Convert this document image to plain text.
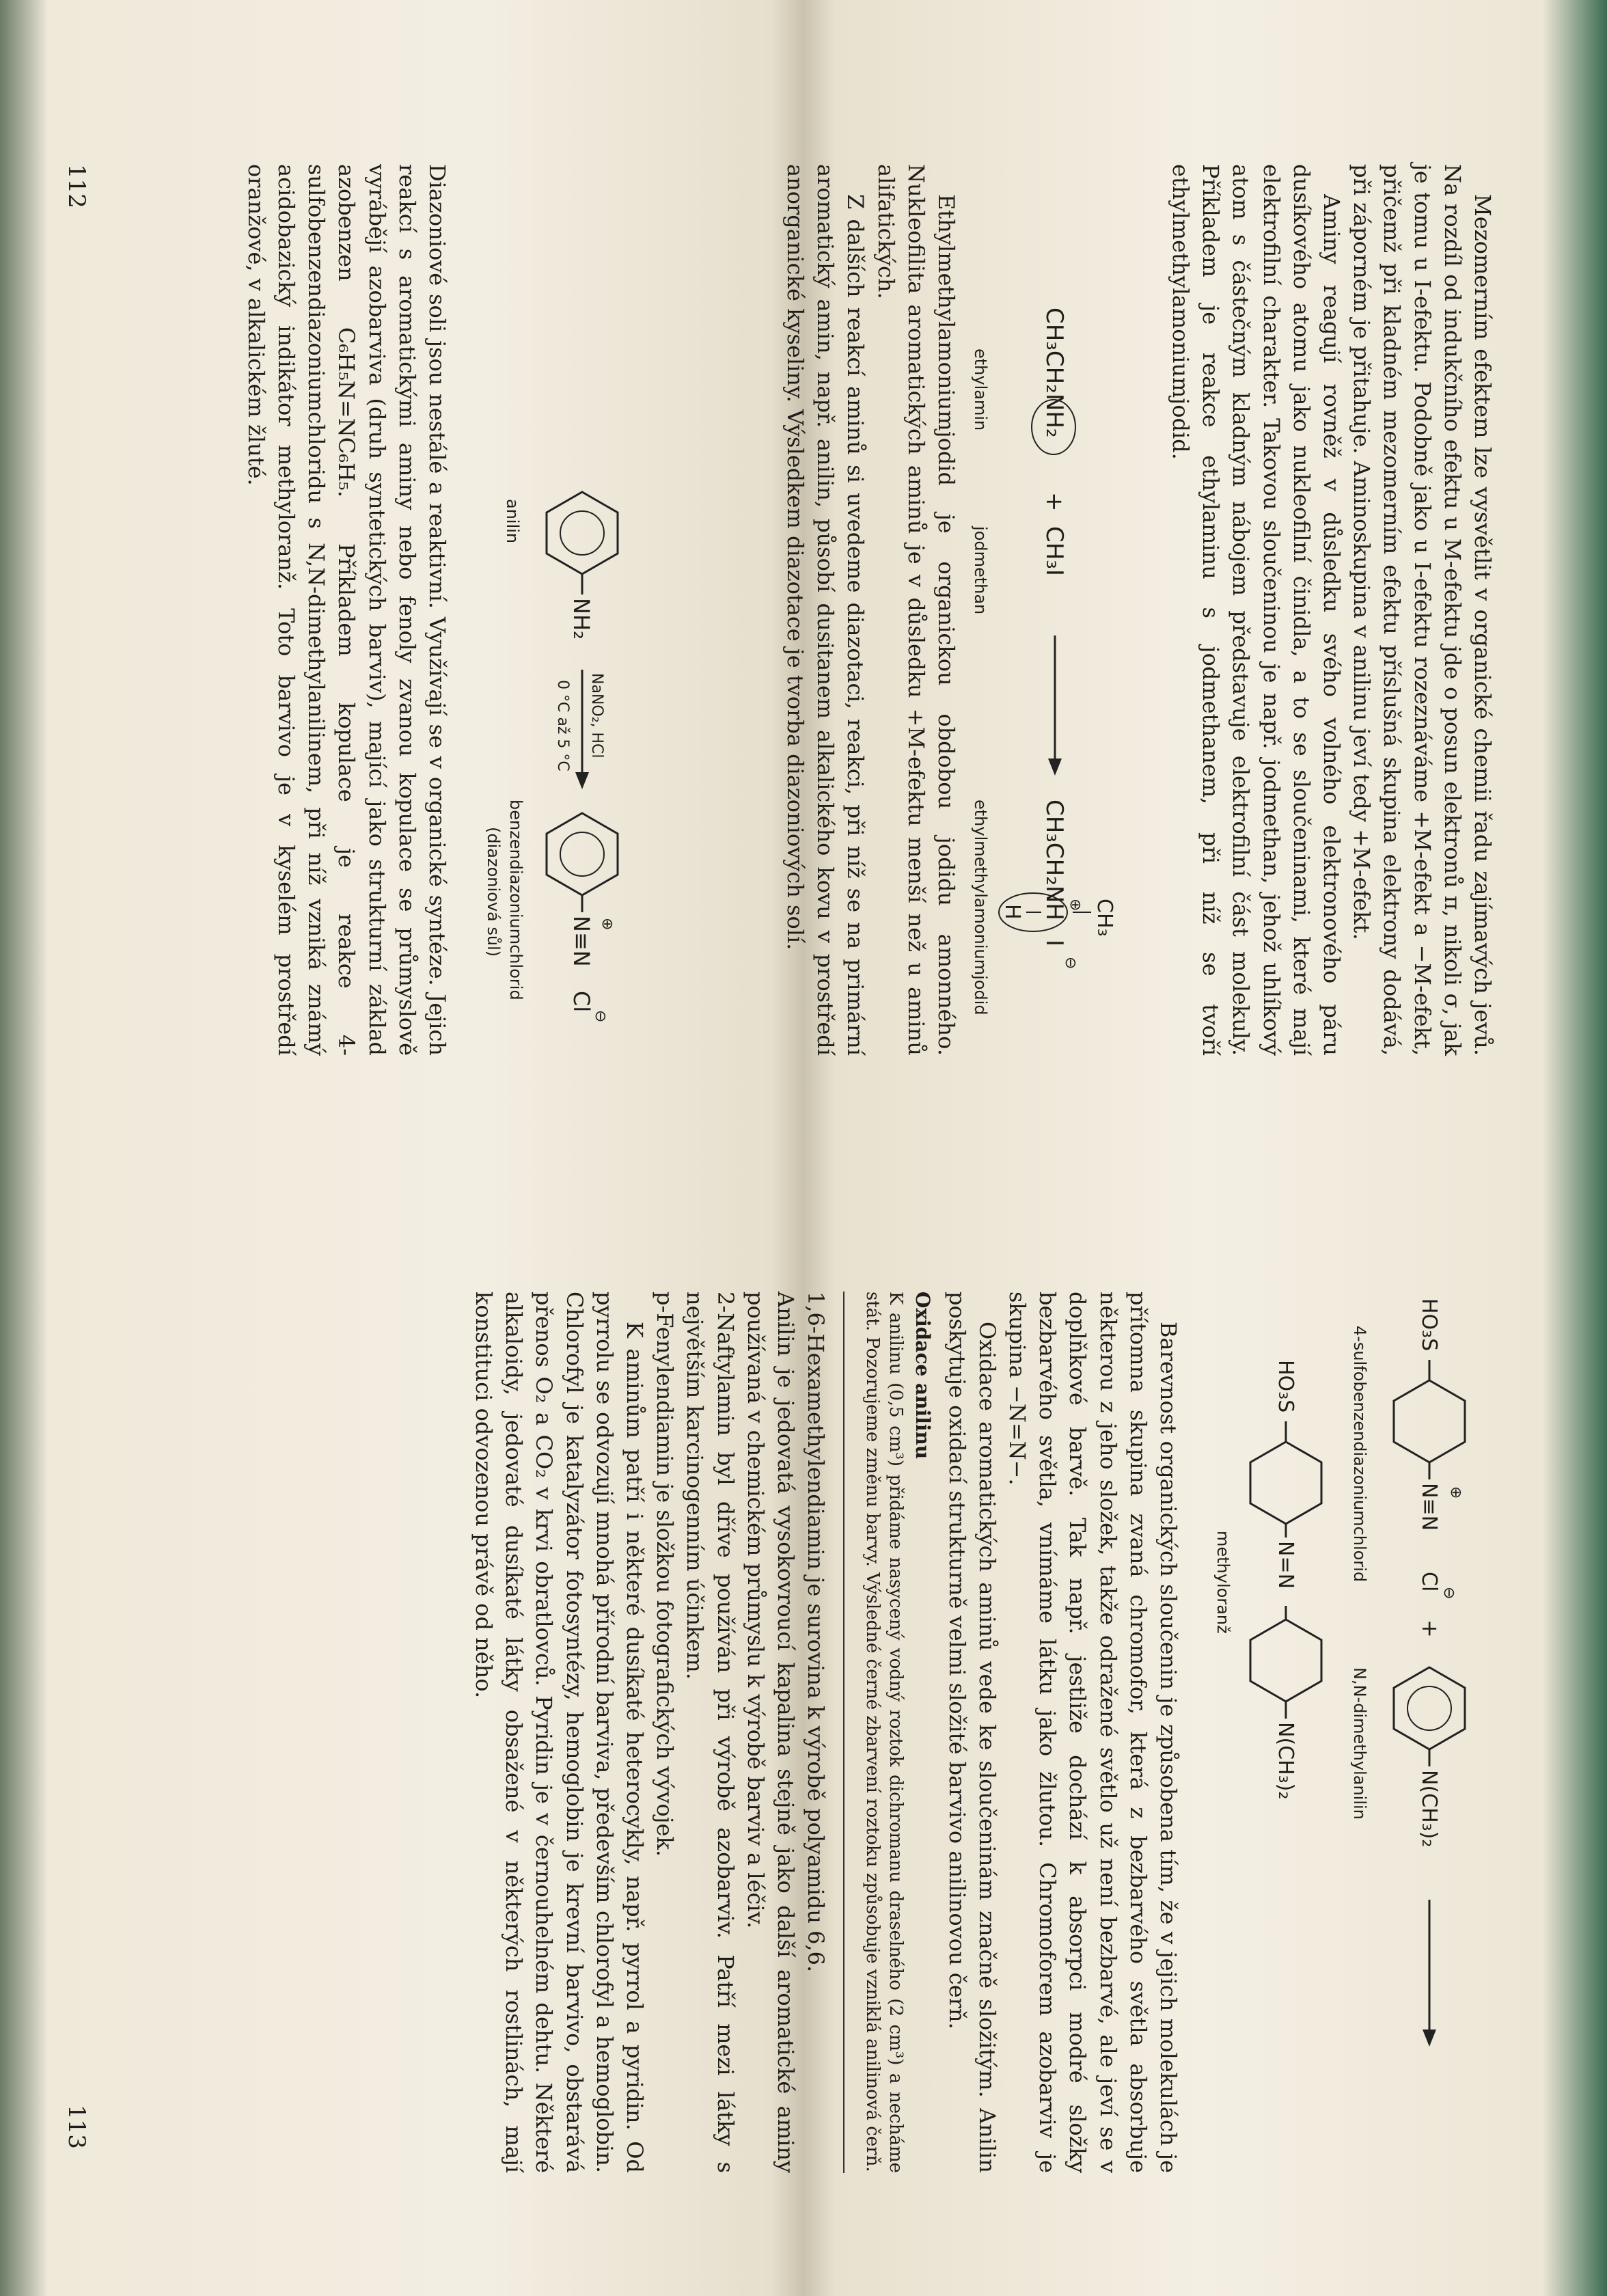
Mezomerním efektem lze vysvětlit v organické chemii řadu zajímavých jevů. Na rozdíl od indukčního efektu u M-efektu jde o posun elektronů π, nikoli σ, jak je tomu u I-efektu. Podobně jako u I-efektu rozeznáváme +M-efekt a −M-efekt, přičemž při kladném mezomerním efektu příslušná skupina elektrony dodává, při záporném je přitahuje. Aminoskupina v anilinu jeví tedy +M-efekt.

Aminy reagují rovněž v důsledku svého volného elektronového páru dusíkového atomu jako nukleofilní činidla, a to se sloučeninami, které mají elektrofilní charakter. Takovou sloučeninou je např. jodmethan, jehož uhlíkový atom s částečným kladným nábojem představuje elektrofilní část molekuly. Příkladem je reakce ethylaminu s jodmethanem, při níž se tvoří ethylmethylamoniumjodid.

CH₃CH₂NH₂
+
CH₃I
CH₃
CH₃CH₂NH
⊕
H
I
⊖
ethylamin
jodmethan
ethylmethylamoniumjodid

Ethylmethylamoniumjodid je organickou obdobou jodidu amonného. Nukleofilita aromatických aminů je v důsledku +M-efektu menší než u aminů alifatických.

Z dalších reakcí aminů si uvedeme diazotaci, reakci, při níž se na primární aromatický amin, např. anilin, působí dusitanem alkalického kovu v prostředí anorganické kyseliny. Výsledkem diazotace je tvorba diazoniových solí.

NH₂
NaNO₂, HCl
0 °C až 5 °C
⊕
N≡N
Cl
⊖
anilin
benzendiazoniumchlorid
(diazoniová sůl)

Diazoniové soli jsou nestálé a reaktivní. Využívají se v organické syntéze. Jejich reakcí s aromatickými aminy nebo fenoly zvanou kopulace se průmyslově vyrábějí azobarviva (druh syntetických barviv), mající jako strukturní základ azobenzen C₆H₅N=NC₆H₅. Příkladem kopulace je reakce 4-sulfobenzendiazoniumchloridu s N,N-dimethylanilinem, při níž vzniká známý acidobazický indikátor methyloranž. Toto barvivo je v kyselém prostředí oranžové, v alkalickém žluté.

112
HO₃S
⊕
N≡N
Cl
⊖
+
N(CH₃)₂
4-sulfobenzendiazoniumchlorid
N,N-dimethylanilin
HO₃S
N=N
N(CH₃)₂
methyloranž

Barevnost organických sloučenin je způsobena tím, že v jejich molekulách je přítomna skupina zvaná chromofor, která z bezbarvého světla absorbuje některou z jeho složek, takže odražené světlo už není bezbarvé, ale jeví se v doplňkové barvě. Tak např. jestliže dochází k absorpci modré složky bezbarvého světla, vnímáme látku jako žlutou. Chromoforem azobarviv je skupina −N=N−.

Oxidace aromatických aminů vede ke sloučeninám značně složitým. Anilin poskytuje oxidací strukturně velmi složité barvivo anilinovou čerň.

Oxidace anilinu

K anilinu (0,5 cm³) přidáme nasycený vodný roztok dichromanu draselného (2 cm³) a necháme stát. Pozorujeme změnu barvy. Výsledné černé zbarvení roztoku způsobuje vzniklá anilinová čerň.

1,6-Hexamethylendiamin je surovina k výrobě polyamidu 6,6.

Anilin je jedovatá vysokovroucí kapalina stejně jako další aromatické aminy používaná v chemickém průmyslu k výrobě barviv a léčiv.

2-Naftylamin byl dříve používán při výrobě azobarviv. Patří mezi látky s největším karcinogenním účinkem.

p-Fenylendiamin je složkou fotografických vývojek.

K aminům patří i některé dusíkaté heterocykly, např. pyrrol a pyridin. Od pyrrolu se odvozují mnohá přírodní barviva, především chlorofyl a hemoglobin. Chlorofyl je katalyzátor fotosyntézy, hemoglobin je krevní barvivo, obstarává přenos O₂ a CO₂ v krvi obratlovců. Pyridin je v černouhelném dehtu. Některé alkaloidy, jedovaté dusíkaté látky obsažené v některých rostlinách, mají konstituci odvozenou právě od něho.

113
